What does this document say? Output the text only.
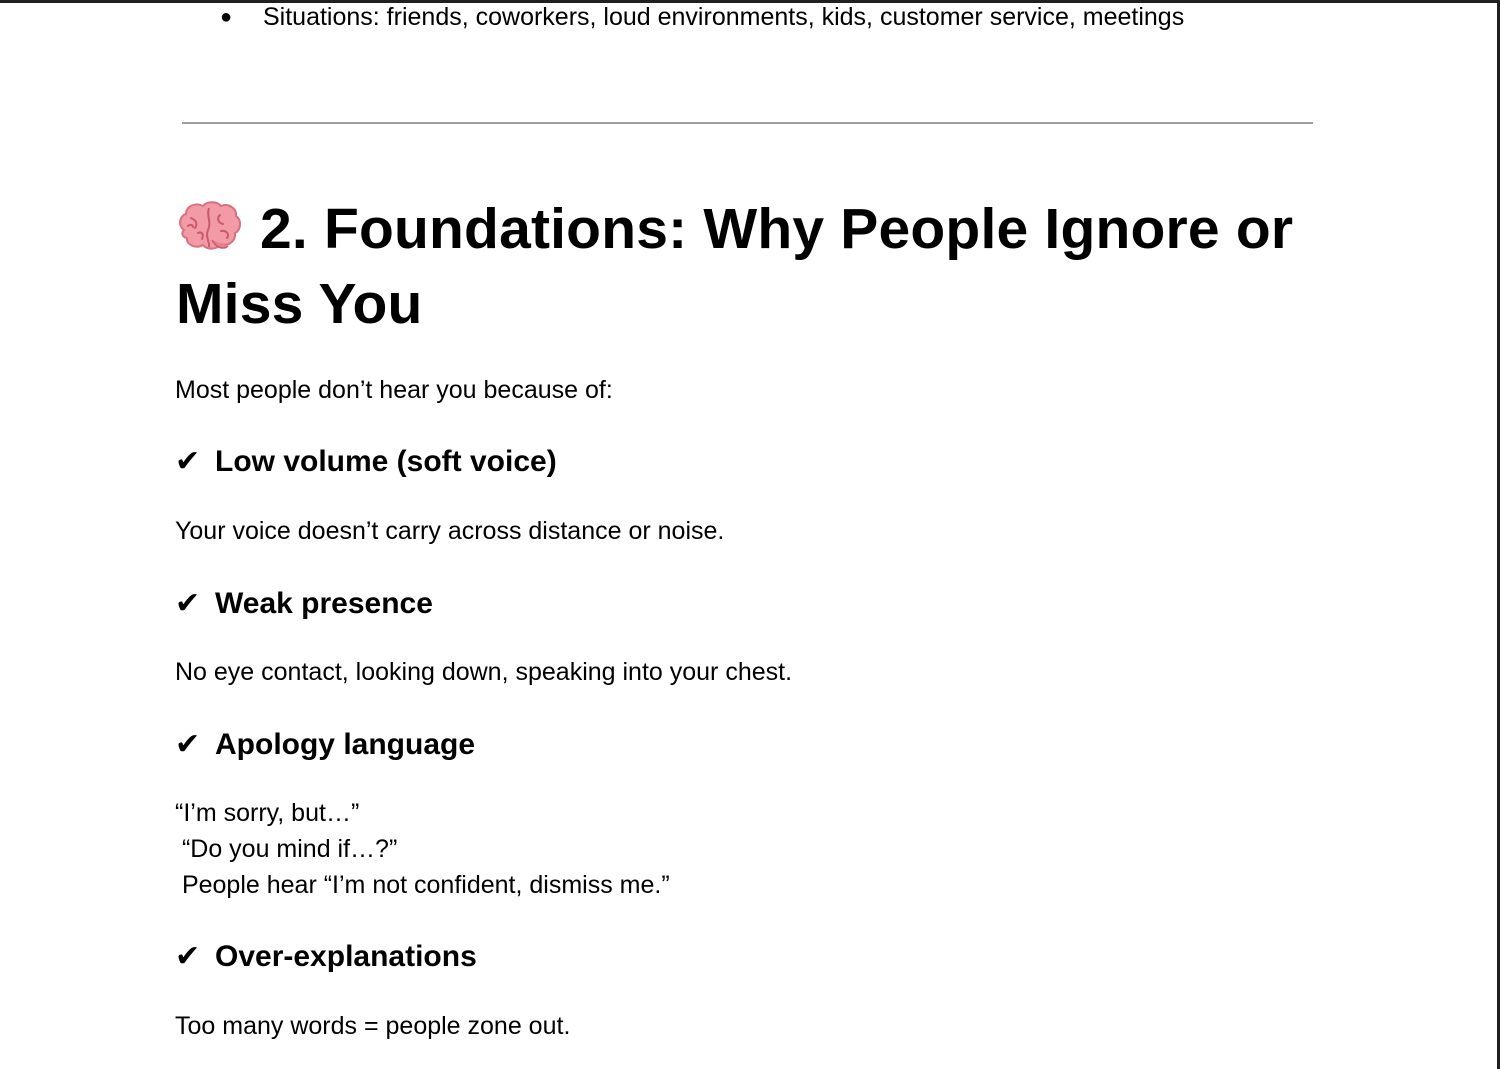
● Situations: friends, coworkers, loud environments, kids, customer service, meetings
2. Foundations: Why People Ignore or Miss You
Most people don’t hear you because of:
✔ Low volume (soft voice)
Your voice doesn’t carry across distance or noise.
✔ Weak presence
No eye contact, looking down, speaking into your chest.
✔ Apology language
“I’m sorry, but…”
“Do you mind if…?”
People hear “I’m not confident, dismiss me.”
✔ Over-explanations
Too many words = people zone out.
